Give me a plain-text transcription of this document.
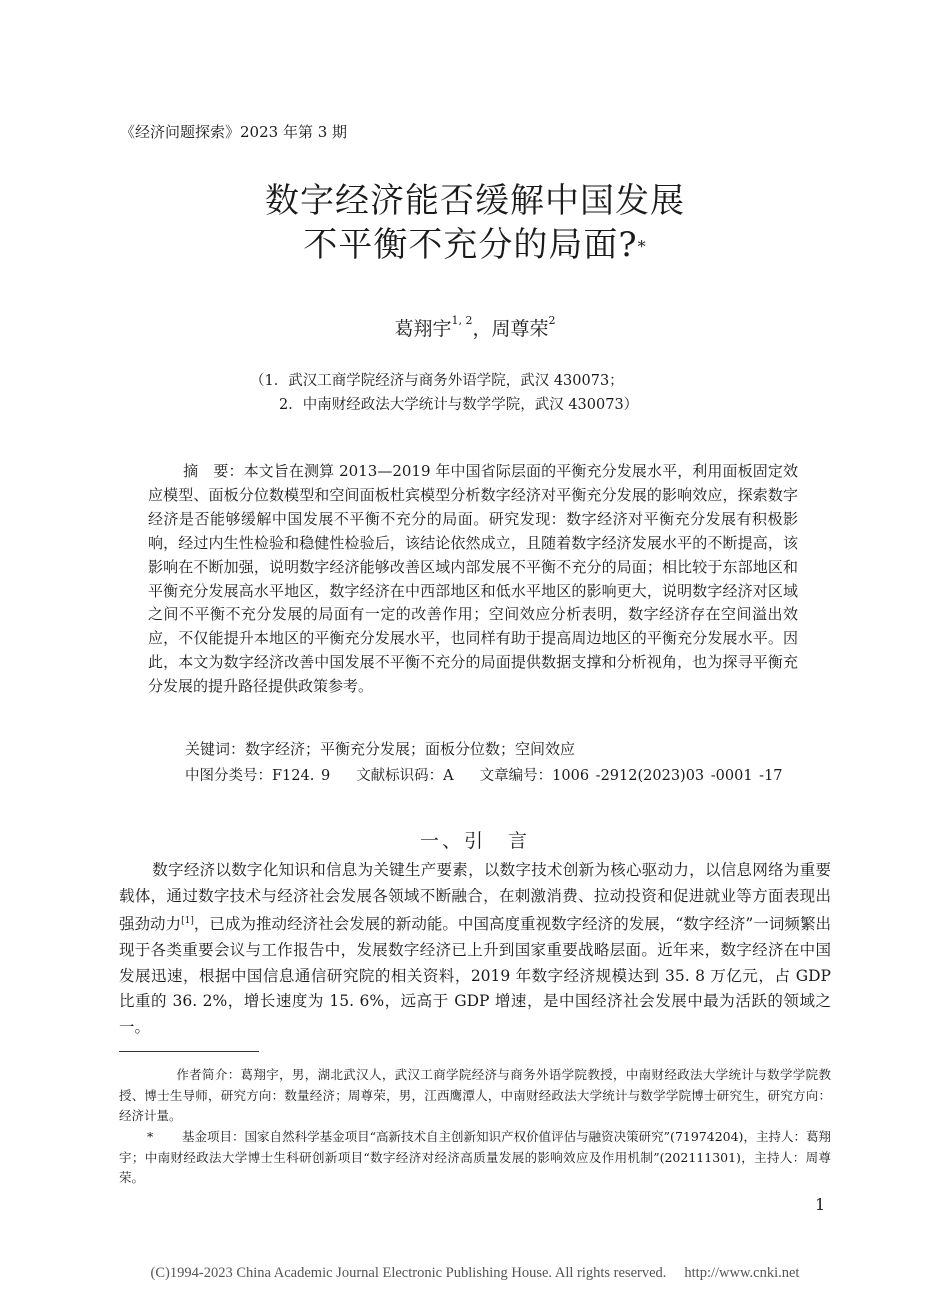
《经济问题探索》2023 年第 3 期
数字经济能否缓解中国发展
不平衡不充分的局面?*
葛翔宇$^{1, 2}$，周尊荣$^2$
（1．武汉工商学院经济与商务外语学院，武汉 430073；
2．中南财经政法大学统计与数学学院，武汉 430073）
摘　要：本文旨在测算 2013—2019 年中国省际层面的平衡充分发展水平，利用面板固定效应模型、面板分位数模型和空间面板杜宾模型分析数字经济对平衡充分发展的影响效应，探索数字经济是否能够缓解中国发展不平衡不充分的局面。研究发现：数字经济对平衡充分发展有积极影响，经过内生性检验和稳健性检验后，该结论依然成立，且随着数字经济发展水平的不断提高，该影响在不断加强，说明数字经济能够改善区域内部发展不平衡不充分的局面；相比较于东部地区和平衡充分发展高水平地区，数字经济在中西部地区和低水平地区的影响更大，说明数字经济对区域之间不平衡不充分发展的局面有一定的改善作用；空间效应分析表明，数字经济存在空间溢出效应，不仅能提升本地区的平衡充分发展水平，也同样有助于提高周边地区的平衡充分发展水平。因此，本文为数字经济改善中国发展不平衡不充分的局面提供数据支撑和分析视角，也为探寻平衡充分发展的提升路径提供政策参考。
关键词：数字经济；平衡充分发展；面板分位数；空间效应
中图分类号：F124. 9 文献标识码：A 文章编号：1006 -2912(2023)03 -0001 -17
一、引　言
数字经济以数字化知识和信息为关键生产要素，以数字技术创新为核心驱动力，以信息网络为重要载体，通过数字技术与经济社会发展各领域不断融合，在刺激消费、拉动投资和促进就业等方面表现出强劲动力[1]，已成为推动经济社会发展的新动能。中国高度重视数字经济的发展，“数字经济”一词频繁出现于各类重要会议与工作报告中，发展数字经济已上升到国家重要战略层面。近年来，数字经济在中国发展迅速，根据中国信息通信研究院的相关资料，2019 年数字经济规模达到 35. 8 万亿元，占 GDP 比重的 36. 2%，增长速度为 15. 6%，远高于 GDP 增速，是中国经济社会发展中最为活跃的领域之一。
作者简介：葛翔宇，男，湖北武汉人，武汉工商学院经济与商务外语学院教授，中南财经政法大学统计与数学学院教授、博士生导师，研究方向：数量经济；周尊荣，男，江西鹰潭人，中南财经政法大学统计与数学学院博士研究生，研究方向：经济计量。
* 基金项目：国家自然科学基金项目“高新技术自主创新知识产权价值评估与融资决策研究”(71974204)，主持人：葛翔宇；中南财经政法大学博士生科研创新项目“数字经济对经济高质量发展的影响效应及作用机制”(202111301)，主持人：周尊荣。
1
(C)1994-2023 China Academic Journal Electronic Publishing House. All rights reserved. http://www.cnki.net
